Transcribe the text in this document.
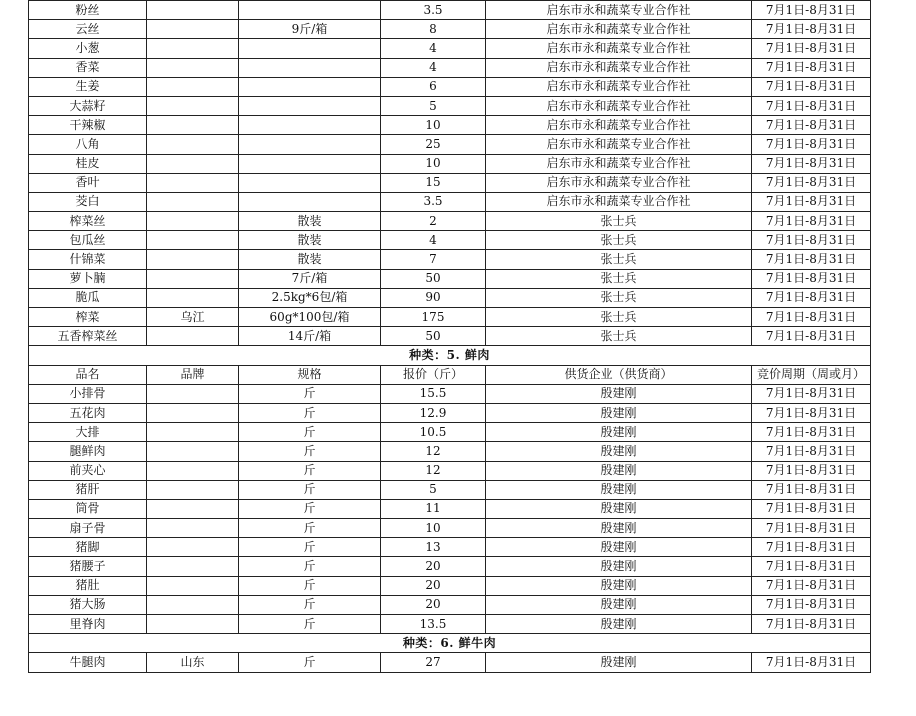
粉丝			3.5	启东市永和蔬菜专业合作社	7月1日-8月31日
云丝		9斤/箱	8	启东市永和蔬菜专业合作社	7月1日-8月31日
小葱			4	启东市永和蔬菜专业合作社	7月1日-8月31日
香菜			4	启东市永和蔬菜专业合作社	7月1日-8月31日
生姜			6	启东市永和蔬菜专业合作社	7月1日-8月31日
大蒜籽			5	启东市永和蔬菜专业合作社	7月1日-8月31日
干辣椒			10	启东市永和蔬菜专业合作社	7月1日-8月31日
八角			25	启东市永和蔬菜专业合作社	7月1日-8月31日
桂皮			10	启东市永和蔬菜专业合作社	7月1日-8月31日
香叶			15	启东市永和蔬菜专业合作社	7月1日-8月31日
茭白			3.5	启东市永和蔬菜专业合作社	7月1日-8月31日
榨菜丝		散装	2	张士兵	7月1日-8月31日
包瓜丝		散装	4	张士兵	7月1日-8月31日
什锦菜		散装	7	张士兵	7月1日-8月31日
萝卜腩		7斤/箱	50	张士兵	7月1日-8月31日
脆瓜		2.5kg*6包/箱	90	张士兵	7月1日-8月31日
榨菜	乌江	60g*100包/箱	175	张士兵	7月1日-8月31日
五香榨菜丝		14斤/箱	50	张士兵	7月1日-8月31日
种类：5. 鲜肉					
品名	品牌	规格	报价（斤）	供货企业（供货商）	竞价周期（周或月）
小排骨		斤	15.5	殷建刚	7月1日-8月31日
五花肉		斤	12.9	殷建刚	7月1日-8月31日
大排		斤	10.5	殷建刚	7月1日-8月31日
腿鲜肉		斤	12	殷建刚	7月1日-8月31日
前夹心		斤	12	殷建刚	7月1日-8月31日
猪肝		斤	5	殷建刚	7月1日-8月31日
筒骨		斤	11	殷建刚	7月1日-8月31日
扇子骨		斤	10	殷建刚	7月1日-8月31日
猪脚		斤	13	殷建刚	7月1日-8月31日
猪腰子		斤	20	殷建刚	7月1日-8月31日
猪肚		斤	20	殷建刚	7月1日-8月31日
猪大肠		斤	20	殷建刚	7月1日-8月31日
里脊肉		斤	13.5	殷建刚	7月1日-8月31日
种类：6. 鲜牛肉					
牛腿肉	山东	斤	27	殷建刚	7月1日-8月31日
